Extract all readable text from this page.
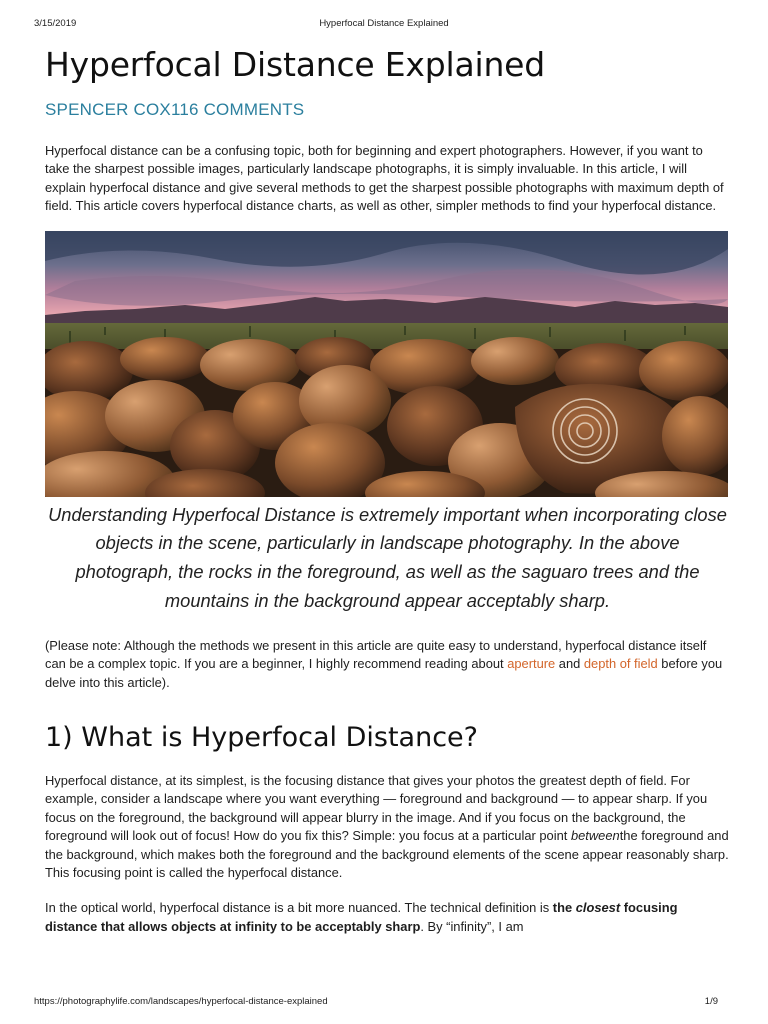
3/15/2019	Hyperfocal Distance Explained
Hyperfocal Distance Explained
SPENCER COX116 COMMENTS

Hyperfocal distance can be a confusing topic, both for beginning and expert photographers. However, if you want to take the sharpest possible images, particularly landscape photographs, it is simply invaluable. In this article, I will explain hyperfocal distance and give several methods to get the sharpest possible photographs with maximum depth of field. This article covers hyperfocal distance charts, as well as other, simpler methods to find your hyperfocal distance.

Understanding Hyperfocal Distance is extremely important when incorporating close objects in the scene, particularly in landscape photography. In the above photograph, the rocks in the foreground, as well as the saguaro trees and the mountains in the background appear acceptably sharp.

(Please note: Although the methods we present in this article are quite easy to understand, hyperfocal distance itself can be a complex topic. If you are a beginner, I highly recommend reading about aperture and depth of field before you delve into this article).

1) What is Hyperfocal Distance?

Hyperfocal distance, at its simplest, is the focusing distance that gives your photos the greatest depth of field. For example, consider a landscape where you want everything — foreground and background — to appear sharp. If you focus on the foreground, the background will appear blurry in the image. And if you focus on the background, the foreground will look out of focus! How do you fix this? Simple: you focus at a particular point betweenthe foreground and the background, which makes both the foreground and the background elements of the scene appear reasonably sharp. This focusing point is called the hyperfocal distance.

In the optical world, hyperfocal distance is a bit more nuanced. The technical definition is the closest focusing distance that allows objects at infinity to be acceptably sharp. By “infinity”, I am

https://photographylife.com/landscapes/hyperfocal-distance-explained	1/9
